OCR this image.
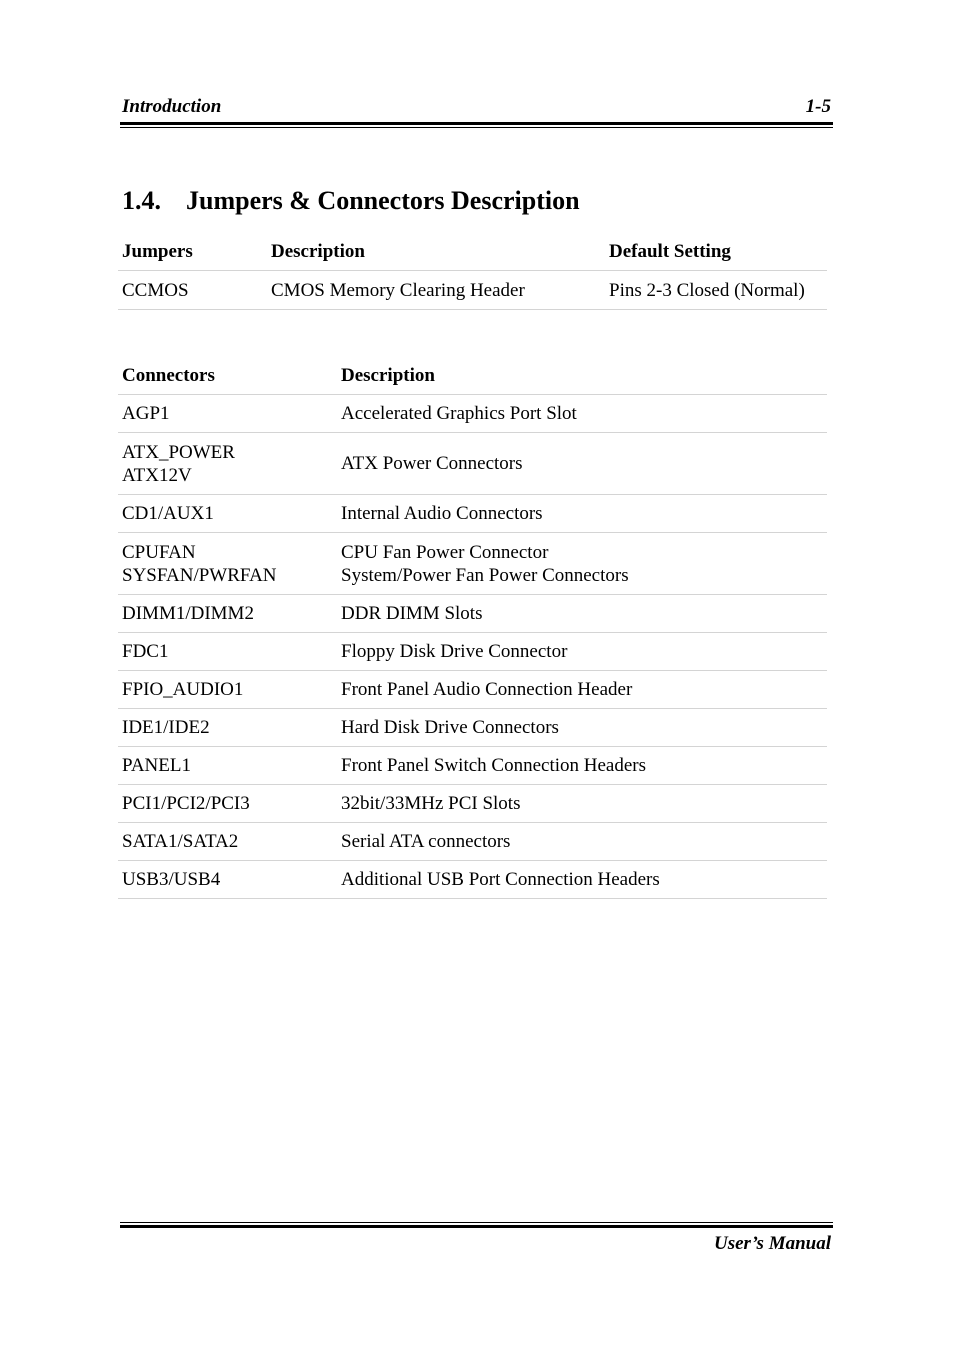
Introduction	1-5
1.4. Jumpers & Connectors Description
Jumpers	Description	Default Setting
CCMOS	CMOS Memory Clearing Header	Pins 2-3 Closed (Normal)
Connectors	Description

AGP1	Accelerated Graphics Port Slot

ATX_POWER
ATX12V	ATX Power Connectors

CD1/AUX1	Internal Audio Connectors

CPUFAN
SYSFAN/PWRFAN	CPU Fan Power Connector
System/Power Fan Power Connectors

DIMM1/DIMM2	DDR DIMM Slots

FDC1	Floppy Disk Drive Connector

FPIO_AUDIO1	Front Panel Audio Connection Header

IDE1/IDE2	Hard Disk Drive Connectors

PANEL1	Front Panel Switch Connection Headers

PCI1/PCI2/PCI3	32bit/33MHz PCI Slots

SATA1/SATA2	Serial ATA connectors

USB3/USB4	Additional USB Port Connection Headers
User’s Manual
